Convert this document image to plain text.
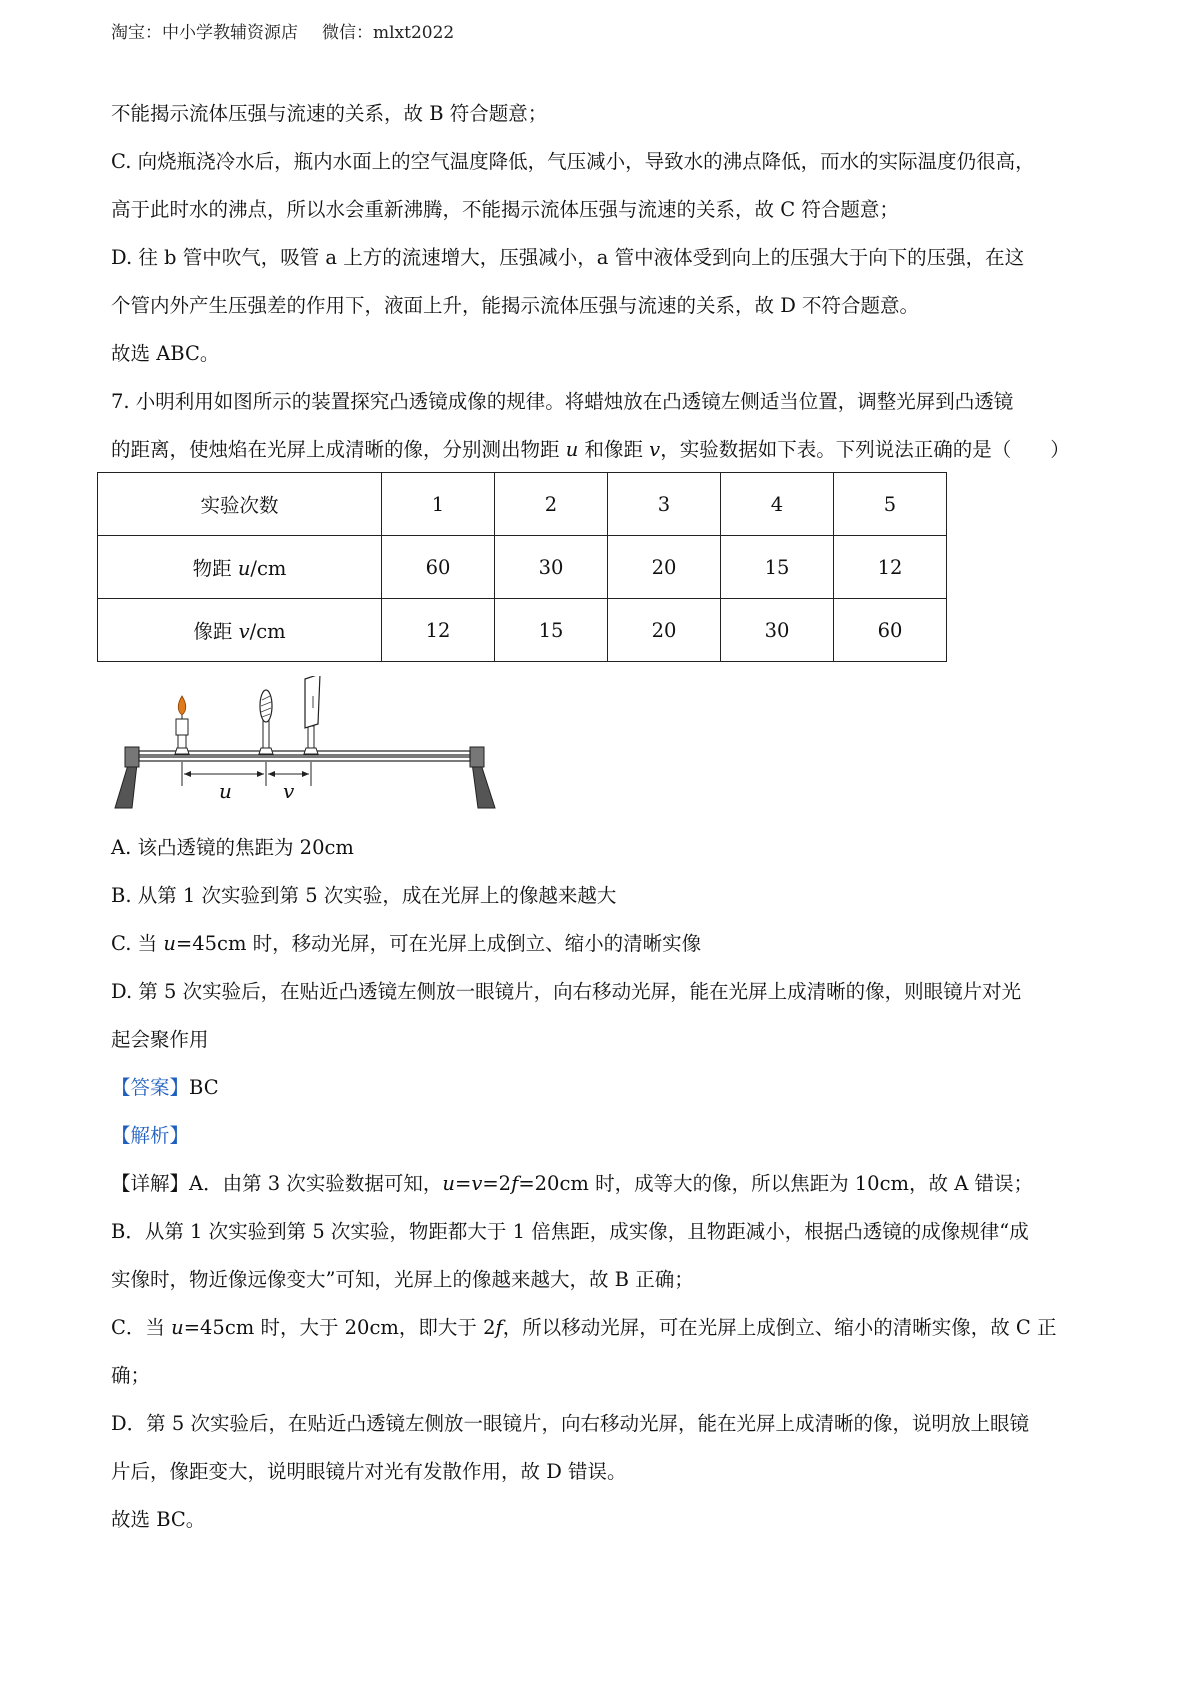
淘宝：中小学教辅资源店 微信：mlxt2022
不能揭示流体压强与流速的关系，故 B 符合题意；
C. 向烧瓶浇冷水后，瓶内水面上的空气温度降低，气压减小，导致水的沸点降低，而水的实际温度仍很高，
高于此时水的沸点，所以水会重新沸腾，不能揭示流体压强与流速的关系，故 C 符合题意；
D. 往 b 管中吹气，吸管 a 上方的流速增大，压强减小，a 管中液体受到向上的压强大于向下的压强，在这
个管内外产生压强差的作用下，液面上升，能揭示流体压强与流速的关系，故 D 不符合题意。
故选 ABC。
7. 小明利用如图所示的装置探究凸透镜成像的规律。将蜡烛放在凸透镜左侧适当位置，调整光屏到凸透镜
的距离，使烛焰在光屏上成清晰的像，分别测出物距 u 和像距 v，实验数据如下表。下列说法正确的是（　　）
实验次数	1	2	3	4	5
物距 u/cm	60	30	20	15	12
像距 v/cm	12	15	20	30	60
u	v
A. 该凸透镜的焦距为 20cm
B. 从第 1 次实验到第 5 次实验，成在光屏上的像越来越大
C. 当 u=45cm 时，移动光屏，可在光屏上成倒立、缩小的清晰实像
D. 第 5 次实验后，在贴近凸透镜左侧放一眼镜片，向右移动光屏，能在光屏上成清晰的像，则眼镜片对光
起会聚作用
【答案】BC
【解析】
【详解】A．由第 3 次实验数据可知，u=v=2f=20cm 时，成等大的像，所以焦距为 10cm，故 A 错误；
B．从第 1 次实验到第 5 次实验，物距都大于 1 倍焦距，成实像，且物距减小，根据凸透镜的成像规律“成
实像时，物近像远像变大”可知，光屏上的像越来越大，故 B 正确；
C．当 u=45cm 时，大于 20cm，即大于 2f，所以移动光屏，可在光屏上成倒立、缩小的清晰实像，故 C 正
确；
D．第 5 次实验后，在贴近凸透镜左侧放一眼镜片，向右移动光屏，能在光屏上成清晰的像，说明放上眼镜
片后，像距变大，说明眼镜片对光有发散作用，故 D 错误。
故选 BC。
